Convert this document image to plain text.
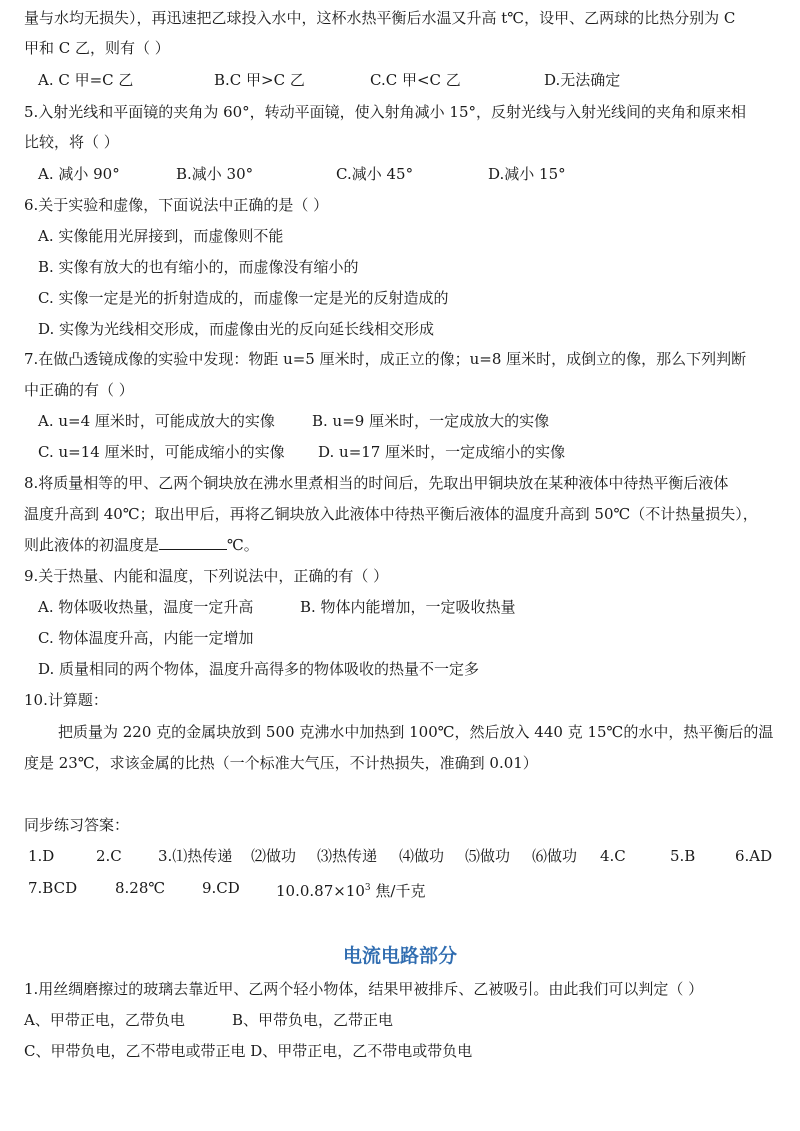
量与水均无损失），再迅速把乙球投入水中，这杯水热平衡后水温又升高 t℃，设甲、乙两球的比热分别为 C
甲和 C 乙，则有（ ）
A. C 甲=C 乙	B.C 甲>C 乙	C.C 甲<C 乙	D.无法确定
5.入射光线和平面镜的夹角为 60°，转动平面镜，使入射角减小 15°，反射光线与入射光线间的夹角和原来相
比较，将（ ）
A. 减小 90°	B.减小 30°	C.减小 45°	D.减小 15°
6.关于实验和虚像，下面说法中正确的是（ ）
A. 实像能用光屏接到，而虚像则不能
B. 实像有放大的也有缩小的，而虚像没有缩小的
C. 实像一定是光的折射造成的，而虚像一定是光的反射造成的
D. 实像为光线相交形成，而虚像由光的反向延长线相交形成
7.在做凸透镜成像的实验中发现：物距 u=5 厘米时，成正立的像；u=8 厘米时，成倒立的像，那么下列判断
中正确的有（ ）
A. u=4 厘米时，可能成放大的实像 B. u=9 厘米时，一定成放大的实像
C. u=14 厘米时，可能成缩小的实像 D. u=17 厘米时，一定成缩小的实像
8.将质量相等的甲、乙两个铜块放在沸水里煮相当的时间后，先取出甲铜块放在某种液体中待热平衡后液体
温度升高到 40℃；取出甲后，再将乙铜块放入此液体中待热平衡后液体的温度升高到 50℃（不计热量损失），
则此液体的初温度是	℃。
9.关于热量、内能和温度，下列说法中，正确的有（ ）
A. 物体吸收热量，温度一定升高	B. 物体内能增加，一定吸收热量
C. 物体温度升高，内能一定增加
D. 质量相同的两个物体，温度升高得多的物体吸收的热量不一定多
10.计算题：
把质量为 220 克的金属块放到 500 克沸水中加热到 100℃，然后放入 440 克 15℃的水中，热平衡后的温
度是 23℃，求该金属的比热（一个标准大气压，不计热损失，准确到 0.01）
同步练习答案：
1.D	2.C 3.⑴热传递 ⑵做功 ⑶热传递 ⑷做功 ⑸做功 ⑹做功 4.C	5.B	6.AD
7.BCD	8.28℃ 9.CD $10.0.87\times 10^3$ 焦/千克
电流电路部分
1.用丝绸磨擦过的玻璃去靠近甲、乙两个轻小物体，结果甲被排斥、乙被吸引。由此我们可以判定（ ）
A、甲带正电，乙带负电	B、甲带负电，乙带正电
C、甲带负电，乙不带电或带正电 D、甲带正电，乙不带电或带负电
